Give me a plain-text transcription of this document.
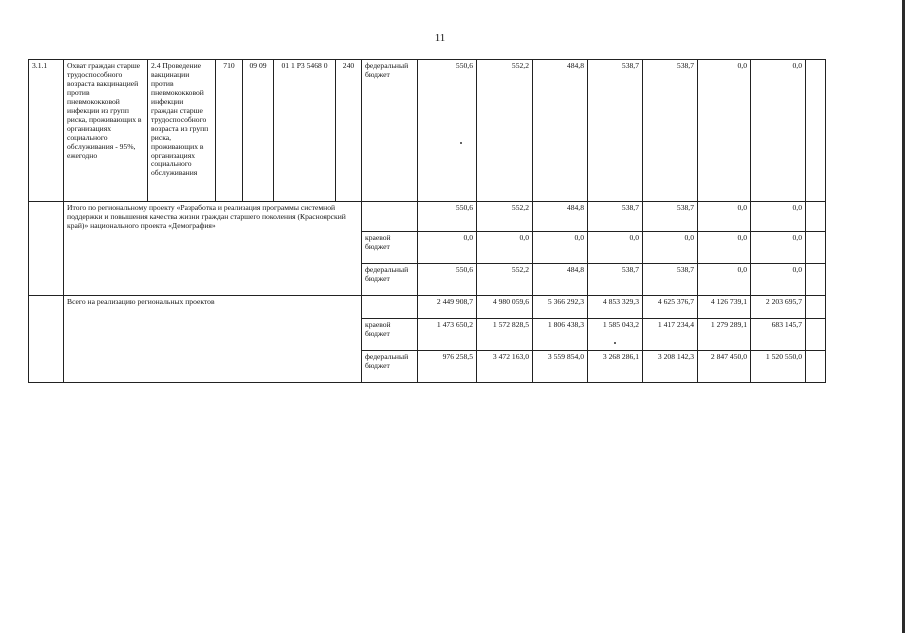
11
3.1.1	Охват граждан старше трудоспособного возраста вакцинацией против пневмококковой инфекции из групп риска, проживающих в организациях социального обслуживания - 95%, ежегодно	2.4 Проведение вакцинации против пневмококковой инфекции граждан старше трудоспособного возраста из групп риска, проживающих в организациях социального обслуживания	710	09 09	01 1 P3 5468 0	240	федеральный бюджет	550,6	552,2	484,8	538,7	538,7	0,0	0,0	
	Итого по региональному проекту «Разработка и реализация программы системной поддержки и повышения качества жизни граждан старшего поколения (Красноярский край)» национального проекта «Демография»							550,6	552,2	484,8	538,7	538,7	0,0	0,0	
							краевой бюджет	0,0	0,0	0,0	0,0	0,0	0,0	0,0	
							федеральный бюджет	550,6	552,2	484,8	538,7	538,7	0,0	0,0	
	Всего на реализацию региональных проектов							2 449 908,7	4 980 059,6	5 366 292,3	4 853 329,3	4 625 376,7	4 126 739,1	2 203 695,7	
							краевой бюджет	1 473 650,2	1 572 828,5	1 806 438,3	1 585 043,2	1 417 234,4	1 279 289,1	683 145,7	
							федеральный бюджет	976 258,5	3 472 163,0	3 559 854,0	3 268 286,1	3 208 142,3	2 847 450,0	1 520 550,0	
